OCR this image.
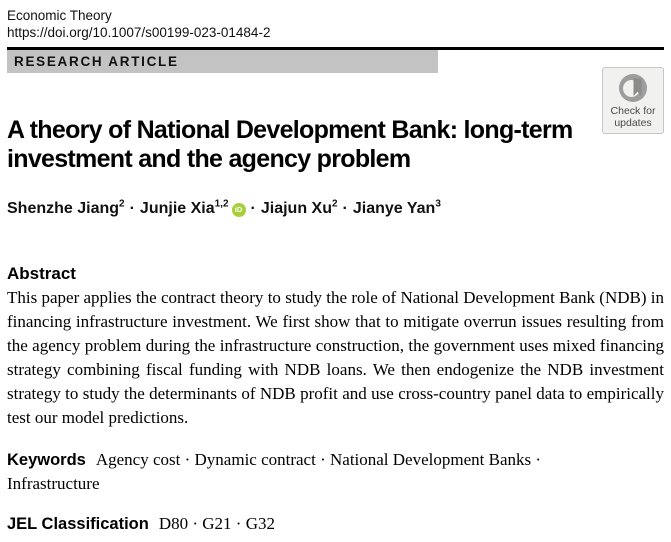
Economic Theory
https://doi.org/10.1007/s00199-023-01484-2
RESEARCH ARTICLE
Check for
updates
A theory of National Development Bank: long-term
investment and the agency problem
Shenzhe Jiang$^2$ · Junjie Xia$^{1,2}$ iD · Jiajun $Xu^2$ · Jianye Yan$^3$
Abstract

This paper applies the contract theory to study the role of National Development Bank (NDB) in financing infrastructure investment. We first show that to mitigate overrun issues resulting from the agency problem during the infrastructure construction, the government uses mixed financing strategy combining fiscal funding with NDB loans. We then endogenize the NDB investment strategy to study the determinants of NDB profit and use cross-country panel data to empirically test our model predictions.

Keywords Agency cost · Dynamic contract · National Development Banks · Infrastructure

JEL Classification D80 · G21 · G32
